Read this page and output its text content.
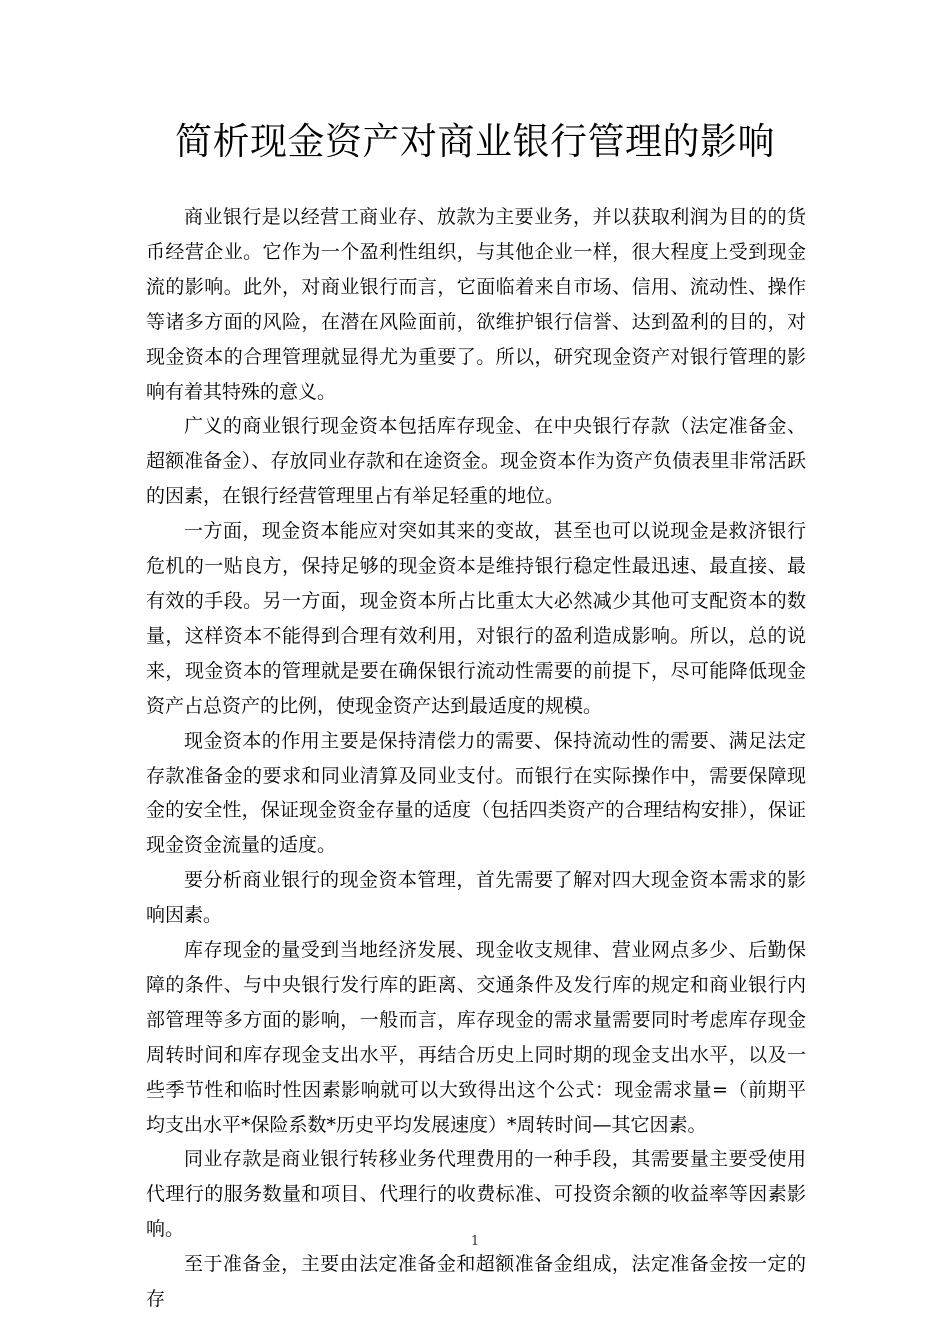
简析现金资产对商业银行管理的影响

商业银行是以经营工商业存、放款为主要业务，并以获取利润为目的的货币经营企业。它作为一个盈利性组织，与其他企业一样，很大程度上受到现金流的影响。此外，对商业银行而言，它面临着来自市场、信用、流动性、操作等诸多方面的风险，在潜在风险面前，欲维护银行信誉、达到盈利的目的，对现金资本的合理管理就显得尤为重要了。所以，研究现金资产对银行管理的影响有着其特殊的意义。

广义的商业银行现金资本包括库存现金、在中央银行存款（法定准备金、超额准备金）、存放同业存款和在途资金。现金资本作为资产负债表里非常活跃的因素，在银行经营管理里占有举足轻重的地位。

一方面，现金资本能应对突如其来的变故，甚至也可以说现金是救济银行危机的一贴良方，保持足够的现金资本是维持银行稳定性最迅速、最直接、最有效的手段。另一方面，现金资本所占比重太大必然减少其他可支配资本的数量，这样资本不能得到合理有效利用，对银行的盈利造成影响。所以，总的说来，现金资本的管理就是要在确保银行流动性需要的前提下，尽可能降低现金资产占总资产的比例，使现金资产达到最适度的规模。

现金资本的作用主要是保持清偿力的需要、保持流动性的需要、满足法定存款准备金的要求和同业清算及同业支付。而银行在实际操作中，需要保障现金的安全性，保证现金资金存量的适度（包括四类资产的合理结构安排），保证现金资金流量的适度。

要分析商业银行的现金资本管理，首先需要了解对四大现金资本需求的影响因素。

库存现金的量受到当地经济发展、现金收支规律、营业网点多少、后勤保障的条件、与中央银行发行库的距离、交通条件及发行库的规定和商业银行内部管理等多方面的影响，一般而言，库存现金的需求量需要同时考虑库存现金周转时间和库存现金支出水平，再结合历史上同时期的现金支出水平，以及一些季节性和临时性因素影响就可以大致得出这个公式：现金需求量=（前期平均支出水平*保险系数*历史平均发展速度）*周转时间—其它因素。

同业存款是商业银行转移业务代理费用的一种手段，其需要量主要受使用代理行的服务数量和项目、代理行的收费标准、可投资余额的收益率等因素影响。

至于准备金，主要由法定准备金和超额准备金组成，法定准备金按一定的存

1
